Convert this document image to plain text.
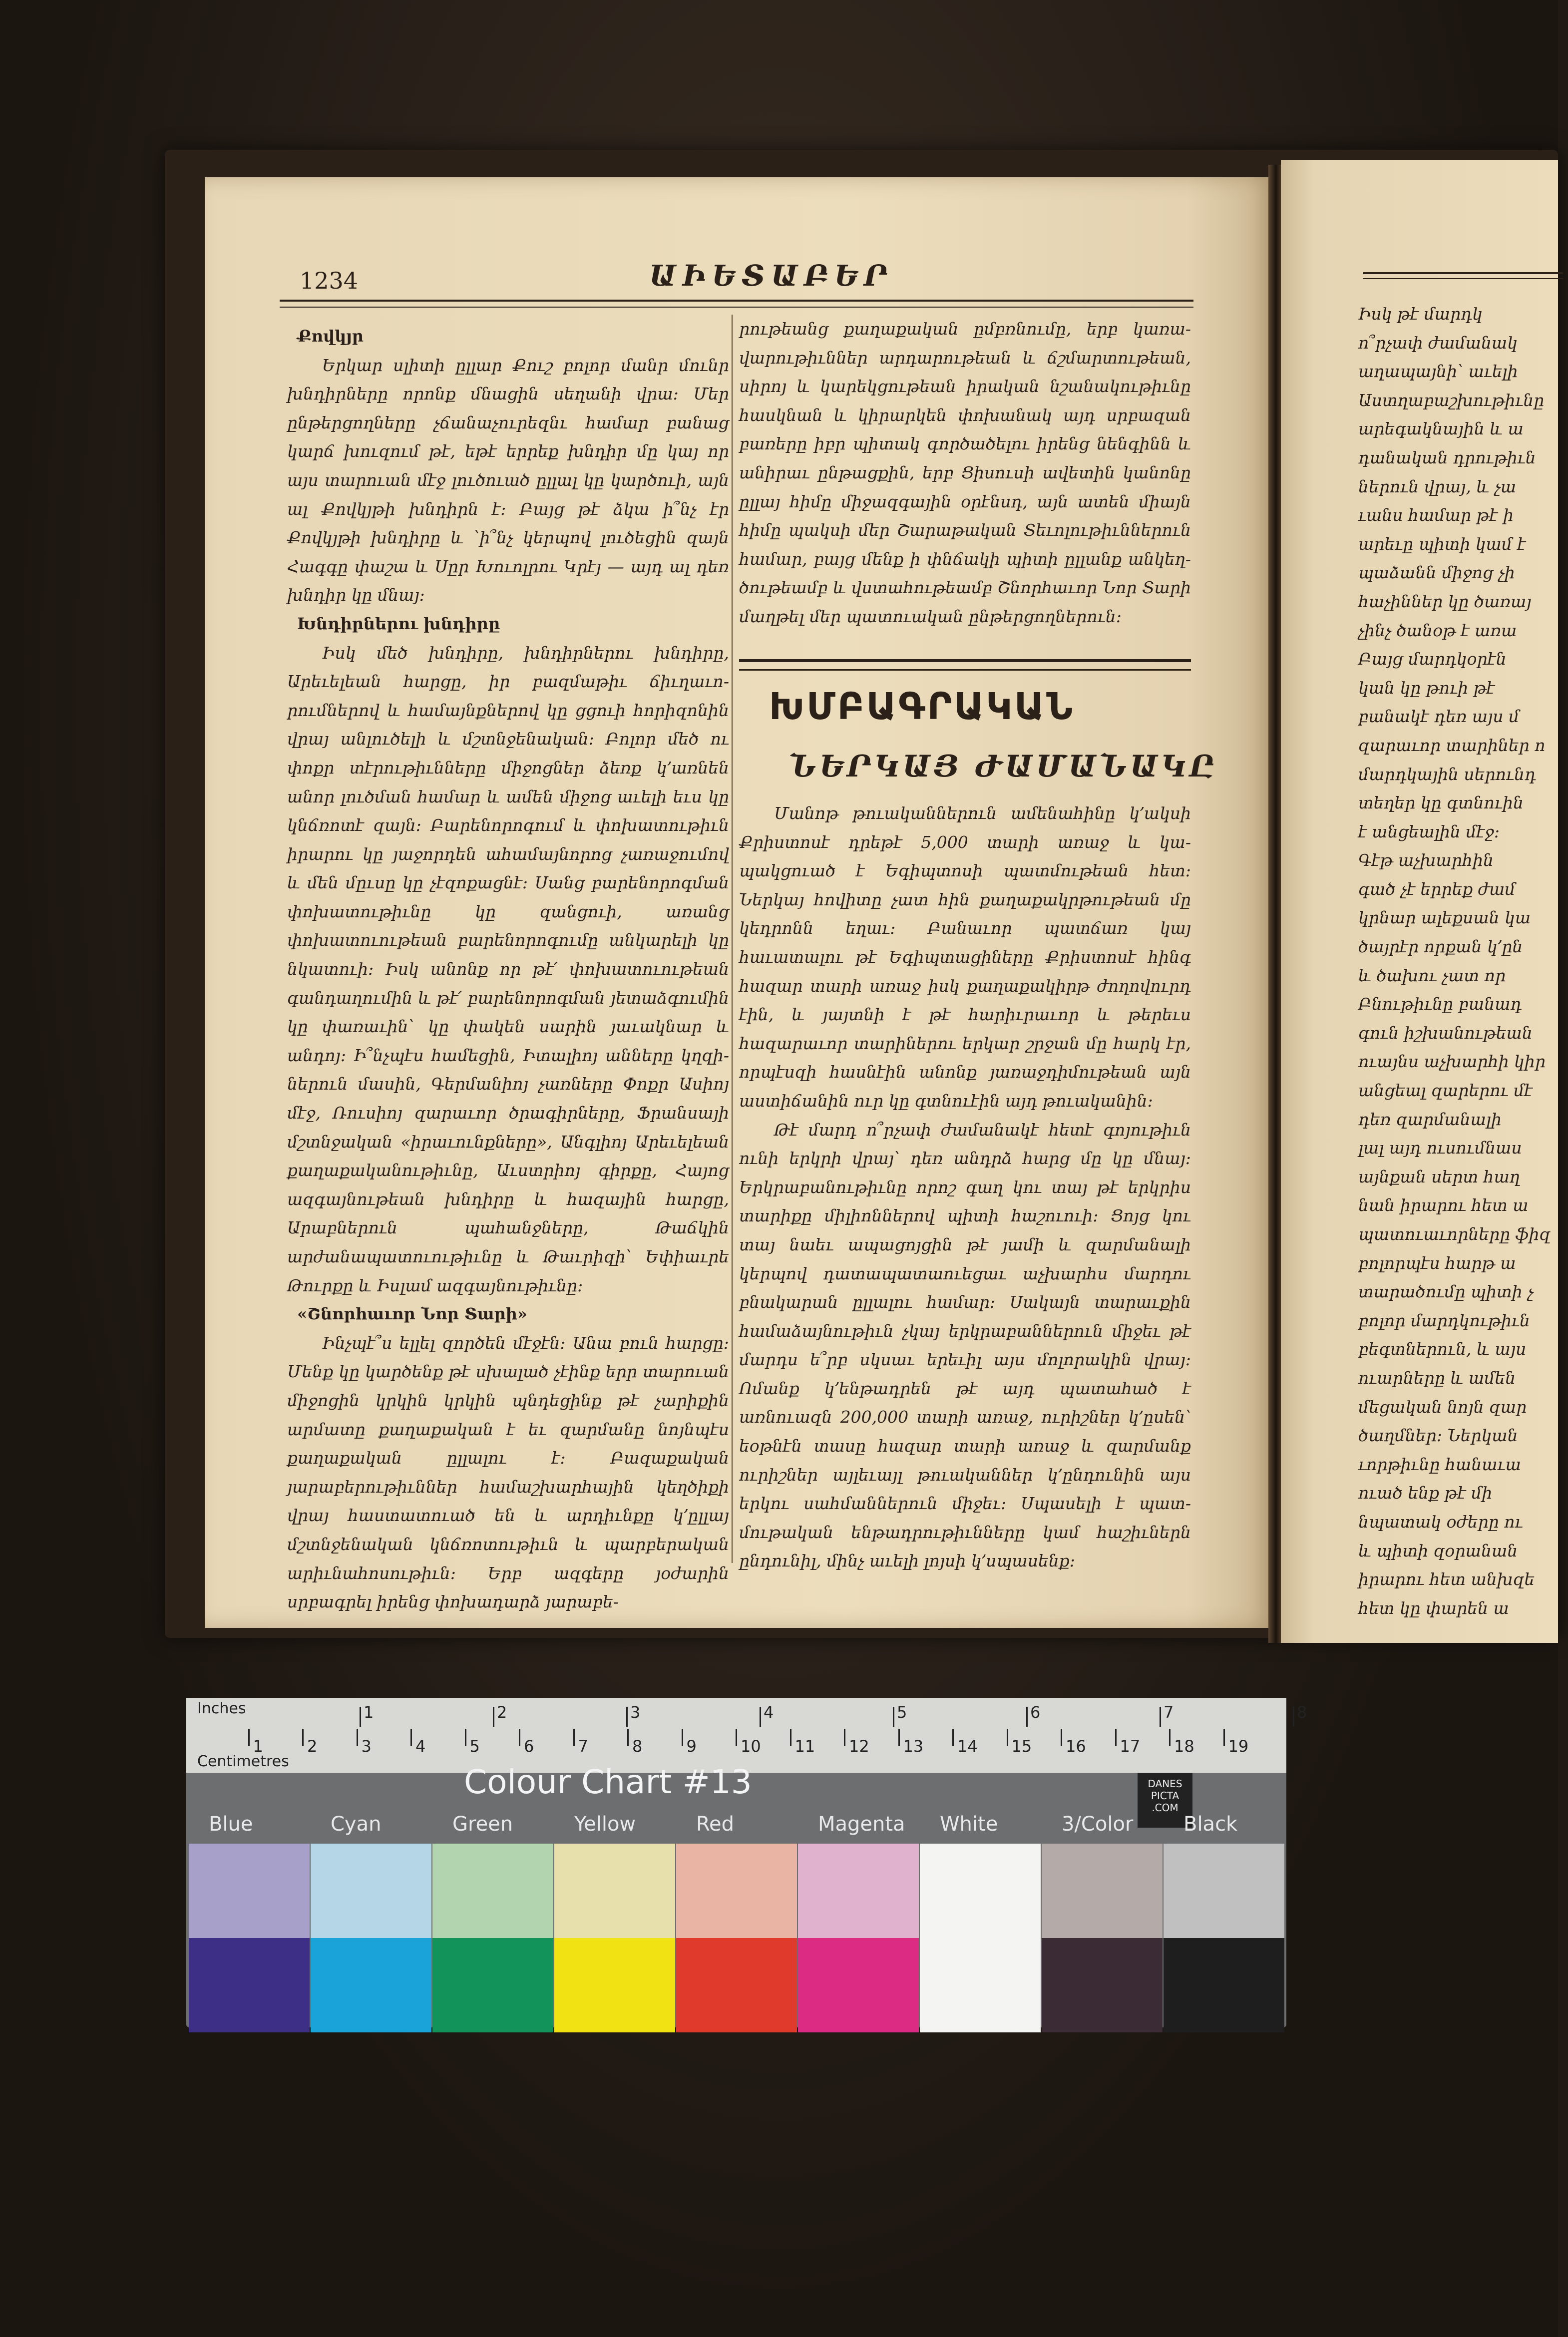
1234	ԱԻԵՏԱԲԵՐ

Քովկյր

Երկար սլիտի ըլլար Քուշ բոլոր մանր մունր խնդիրները որոնք մնացին սեղանի վրա։ Մեր ընթերցողները չճանաչուրեզնւ համար բանաց կարճ խուզում թէ, եթէ երրեք խնդիր մը կայ որ այս տարուան մէջ լուծուած ըլլալ կը կարծուի, այն ալ Քովկյթի խնդիրն է։ Բայց թէ ձկա ի՞նչ էր Քովկյթի խնդիրը և ՝ի՞նչ կերպով լուծեցին զայն Հագգը փաշա և Սըր Խուոլրու Կրէյ — այդ ալ դեռ խնդիր կը մնայ։

Խնդիրներու խնդիրը

Իսկ մեծ խնդիրը, խնդիրներու խնդիրը, Արեւելեան հարցը, իր բազմաթիւ ճիւղաւորումներով և համայնքներով կը ցցուի հորիզոնին վրայ անլուծելի և մշտնջենական։ Բոլոր մեծ ու փոքր տէրութիւնները միջոցներ ձեռք կ՚առնեն անոր լուծման համար և ամեն միջոց աւելի եւս կը կնճռոտէ զայն։ Բարենորոգում և փոխատութիւն իրարու կը յաջորդեն ահամայնորոց չառաջումով և մեն մըւսը կը չէզոքացնէ։ Սանց բարենորոգման փոխատութիւնը կը զանցուի, առանց փոխատուութեան բարենորոգումը անկարելի կը նկատուի։ Իսկ անոնք որ թէ՛ փոխատուութեան գանդաղումին և թէ՛ բարենորոգման յետաձգումին կը փառաւին՝ կը փակեն սարին յաւակնար և անդոյ։ Ի՞նչպէս համեցին, Իտալիոյ անները կղզիներուն մասին, Գերմանիոյ չառները Փոքր Ասիոյ մէջ, Ռուսիոյ զարաւոր ծրագիրները, Ֆրանսայի մշտնջական «իրաւունքները», Անգլիոյ Արեւելեան քաղաքականութիւնը, Աւստրիոյ գիրքը, Հայոց ազգայնութեան խնդիրը և հազային հարցը, Արաբներուն պահանջները, Թաճկին արժանապատուութիւնը և Թաւրիզի՝ Եփիաւրե Թուրքը և Իսլամ ազգայնութիւնը։

«Շնորհաւոր Նոր Տարի»

Ինչպէ՞ս ելլել զործեն մէջէն։ Անա բուն հարցը։ Մենք կը կարծենք թէ սխալած չէինք երր տարուան միջոցին կրկին կրկին պնդեցինք թէ չարիքին արմատը քաղաքական է եւ զարմանը նոյնպէս քաղաքական ըլլալու է։ Բազաքական յարաբերութիւններ համաշխարհային կեղծիքի վրայ հաստատուած են և արդիւնքը կ՚ըլլայ մշտնջենական կնճռոտութիւն և պարբերական արիւնահոսութիւն։ Երբ ազգերը յօժարին սրբագրել իրենց փոխադարձ յարաբե-

րութեանց քաղաքական ըմբռնումը, երբ կառավարութիւններ արդարութեան և ճշմարտութեան, սիրոյ և կարեկցութեան իրական նշանակութիւնը հասկնան և կիրարկեն փոխանակ այդ սրբազան բառերը իբր պիտակ գործածելու իրենց նենգինն և անիրաւ ընթացքին, երբ Ցիսուսի ավետին կանոնը ըլլայ հիմը միջազգային օրէնսդ, այն ատեն միայն հիմը պակսի մեր Շարաթական Տեւոլութիւններուն համար, բայց մենք ի փնճակի պիտի ըլլանք անկեղծութեամբ և վստահութեամբ Շնորհաւոր Նոր Տարի մաղթել մեր պատուական ընթերցողներուն։

ԽՄԲԱԳՐԱԿԱՆ
ՆԵՐԿԱՅ ԺԱՄԱՆԱԿԸ

Մանոթ թուականներուն ամենահինը կ՚ակսի Քրիստոսէ դրեթէ 5,000 տարի առաջ և կապակցուած է Եգիպտոսի պատմութեան հետ։ Ներկայ հովիտը չատ հին քաղաքակրթութեան մը կեդրոնն եղաւ։ Բանաւոր պատճառ կայ հաւատալու թէ Եգիպտացիները Քրիստոսէ հինգ հազար տարի առաջ իսկ քաղաքակիրթ ժողովուրդ էին, և յայտնի է թէ հարիւրաւոր և թերեւս հազարաւոր տարիներու երկար շրջան մը հարկ էր, որպէսզի հասնէին անոնք յառաջդիմութեան այն աստիճանին ուր կը գտնուէին այդ թուականին։

Թէ մարդ ո՞րչափ ժամանակէ հետէ գոյութիւն ունի երկրի վրայ՝ դեռ անդրձ հարց մը կը մնայ։ Երկրաբանութիւնը որոշ գաղ կու տայ թէ երկրիս տարիքը միլիոններով պիտի հաշուուի։ Ցոյց կու տայ նաեւ ապացոյցին թէ յամի և զարմանալի կերպով դատապատաուեցաւ աչխարհս մարդու բնակարան ըլլալու համար։ Սակայն տարաւքին համաձայնութիւն չկայ երկրաբաններուն միջեւ թէ մարդս ե՞րբ սկսաւ երեւիլ այս մոլորակին վրայ։ Ոմանք կ՚ենթադրեն թէ այդ պատահած է առնուազն 200,000 տարի առաջ, ուրիշներ կ՚ըսեն՝ եօթնէն տասը հազար տարի առաջ և զարմանք ուրիշներ այլեւայլ թուականներ կ՚ընդունին այս երկու սահմաններուն միջեւ։ Սպասելի է պատմութական ենթադրութիւնները կամ հաշիւներն ընդունիլ, մինչ աւելի լոյսի կ՚սպասենք։

Իսկ թէ մարդկ
ո՞րչափ ժամանակ
աղապայնի՝ աւելի
Աստղաբաշխութիւնը
արեգակնային և ա
դանական դրութիւն
ներուն վրայ, և չա
ւանս համար թէ ի
արեւը պիտի կամ է
պաձանն միջոց չի
հաչիններ կը ծառայ
չինչ ծանօթ է առա
Բայց մարդկօրէն
կան կը թուի թէ
բանակէ դեռ այս մ
զարաւոր տարիներ ո
մարդկային սերունդ
տեղեր կը գտնուին
է անցեալին մէջ։
Գէթ աչխարհին
գած չէ երրեք ժամ
կրնար ալեքսան կա
ծայրէր որքան կ՚ըն
և ծախու չատ որ
Բնութիւնը բանադ
գուն իշխանութեան
ուայնս աչխարհի կիր
անցեալ զարերու մէ
դեռ զարմանալի
լալ այդ ուսումնաս
այնքան սերտ հաղ
նան իրարու հետ ա
պատուաւորները ֆիզ
բոլորպէս հարթ ա
տարածումը պիտի չ
բոլոր մարդկութիւն
բեգտներուն, և այս
ուարները և ամեն
մեցական նոյն զար
ծաղմներ։ Ներկան
ւորթիւնը հանաւա
ուած ենք թէ մի
նպատակ օժերը ու
և պիտի զօրանան
իրարու հետ անխզե
հետ կը փարեն ա
Inches
Centimetres
1	2	3	4	5	6	7	8
1	2	3	4	5	6	7	8	9	10 11 12 13 14 15 16 17 18 19
Colour Chart #13	DANES PICTA .COM
Blue	Cyan	Green	Yellow	Red	Magenta White	3/Color	Black
